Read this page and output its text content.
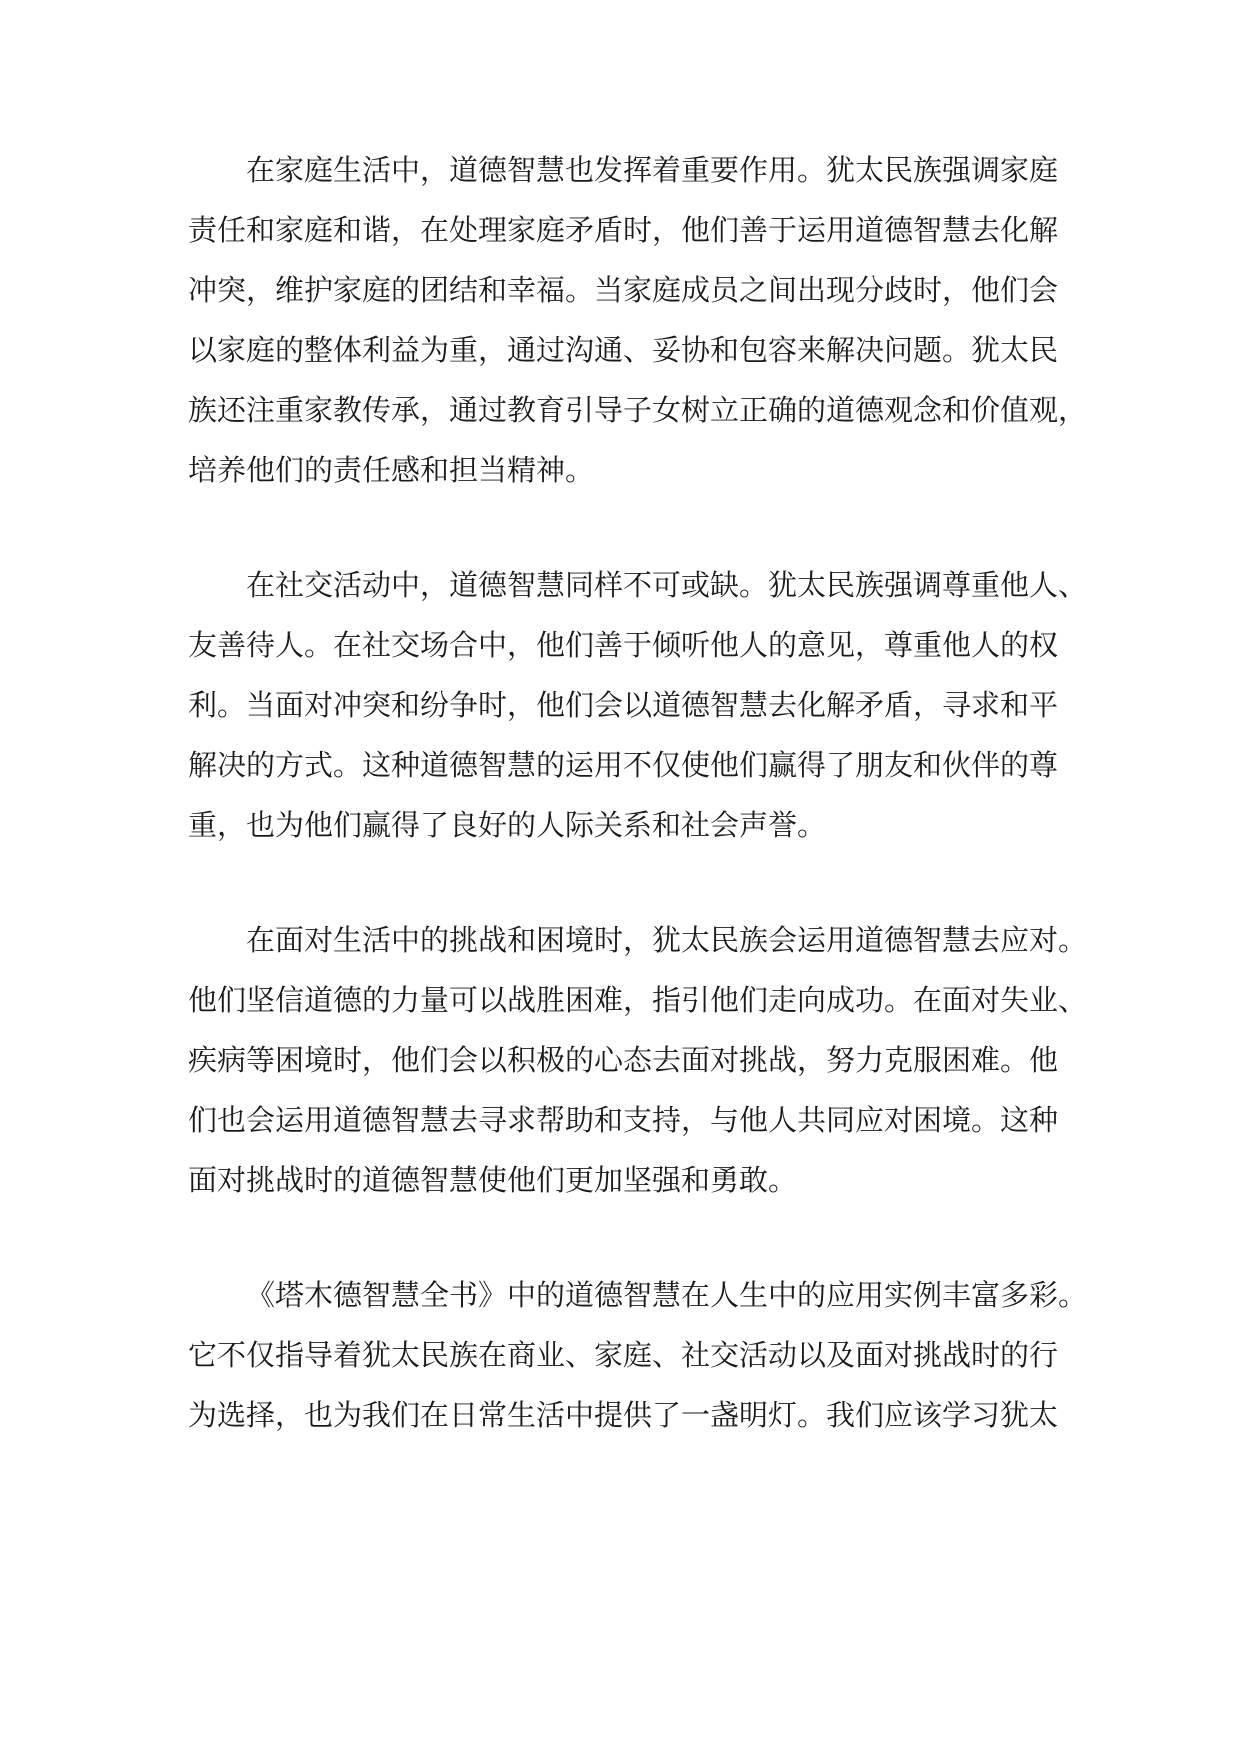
在家庭生活中，道德智慧也发挥着重要作用。犹太民族强调家庭
责任和家庭和谐，在处理家庭矛盾时，他们善于运用道德智慧去化解
冲突，维护家庭的团结和幸福。当家庭成员之间出现分歧时，他们会
以家庭的整体利益为重，通过沟通、妥协和包容来解决问题。犹太民
族还注重家教传承，通过教育引导子女树立正确的道德观念和价值观，
培养他们的责任感和担当精神。
在社交活动中，道德智慧同样不可或缺。犹太民族强调尊重他人、
友善待人。在社交场合中，他们善于倾听他人的意见，尊重他人的权
利。当面对冲突和纷争时，他们会以道德智慧去化解矛盾，寻求和平
解决的方式。这种道德智慧的运用不仅使他们赢得了朋友和伙伴的尊
重，也为他们赢得了良好的人际关系和社会声誉。
在面对生活中的挑战和困境时，犹太民族会运用道德智慧去应对。
他们坚信道德的力量可以战胜困难，指引他们走向成功。在面对失业、
疾病等困境时，他们会以积极的心态去面对挑战，努力克服困难。他
们也会运用道德智慧去寻求帮助和支持，与他人共同应对困境。这种
面对挑战时的道德智慧使他们更加坚强和勇敢。
《塔木德智慧全书》中的道德智慧在人生中的应用实例丰富多彩。
它不仅指导着犹太民族在商业、家庭、社交活动以及面对挑战时的行
为选择，也为我们在日常生活中提供了一盏明灯。我们应该学习犹太
